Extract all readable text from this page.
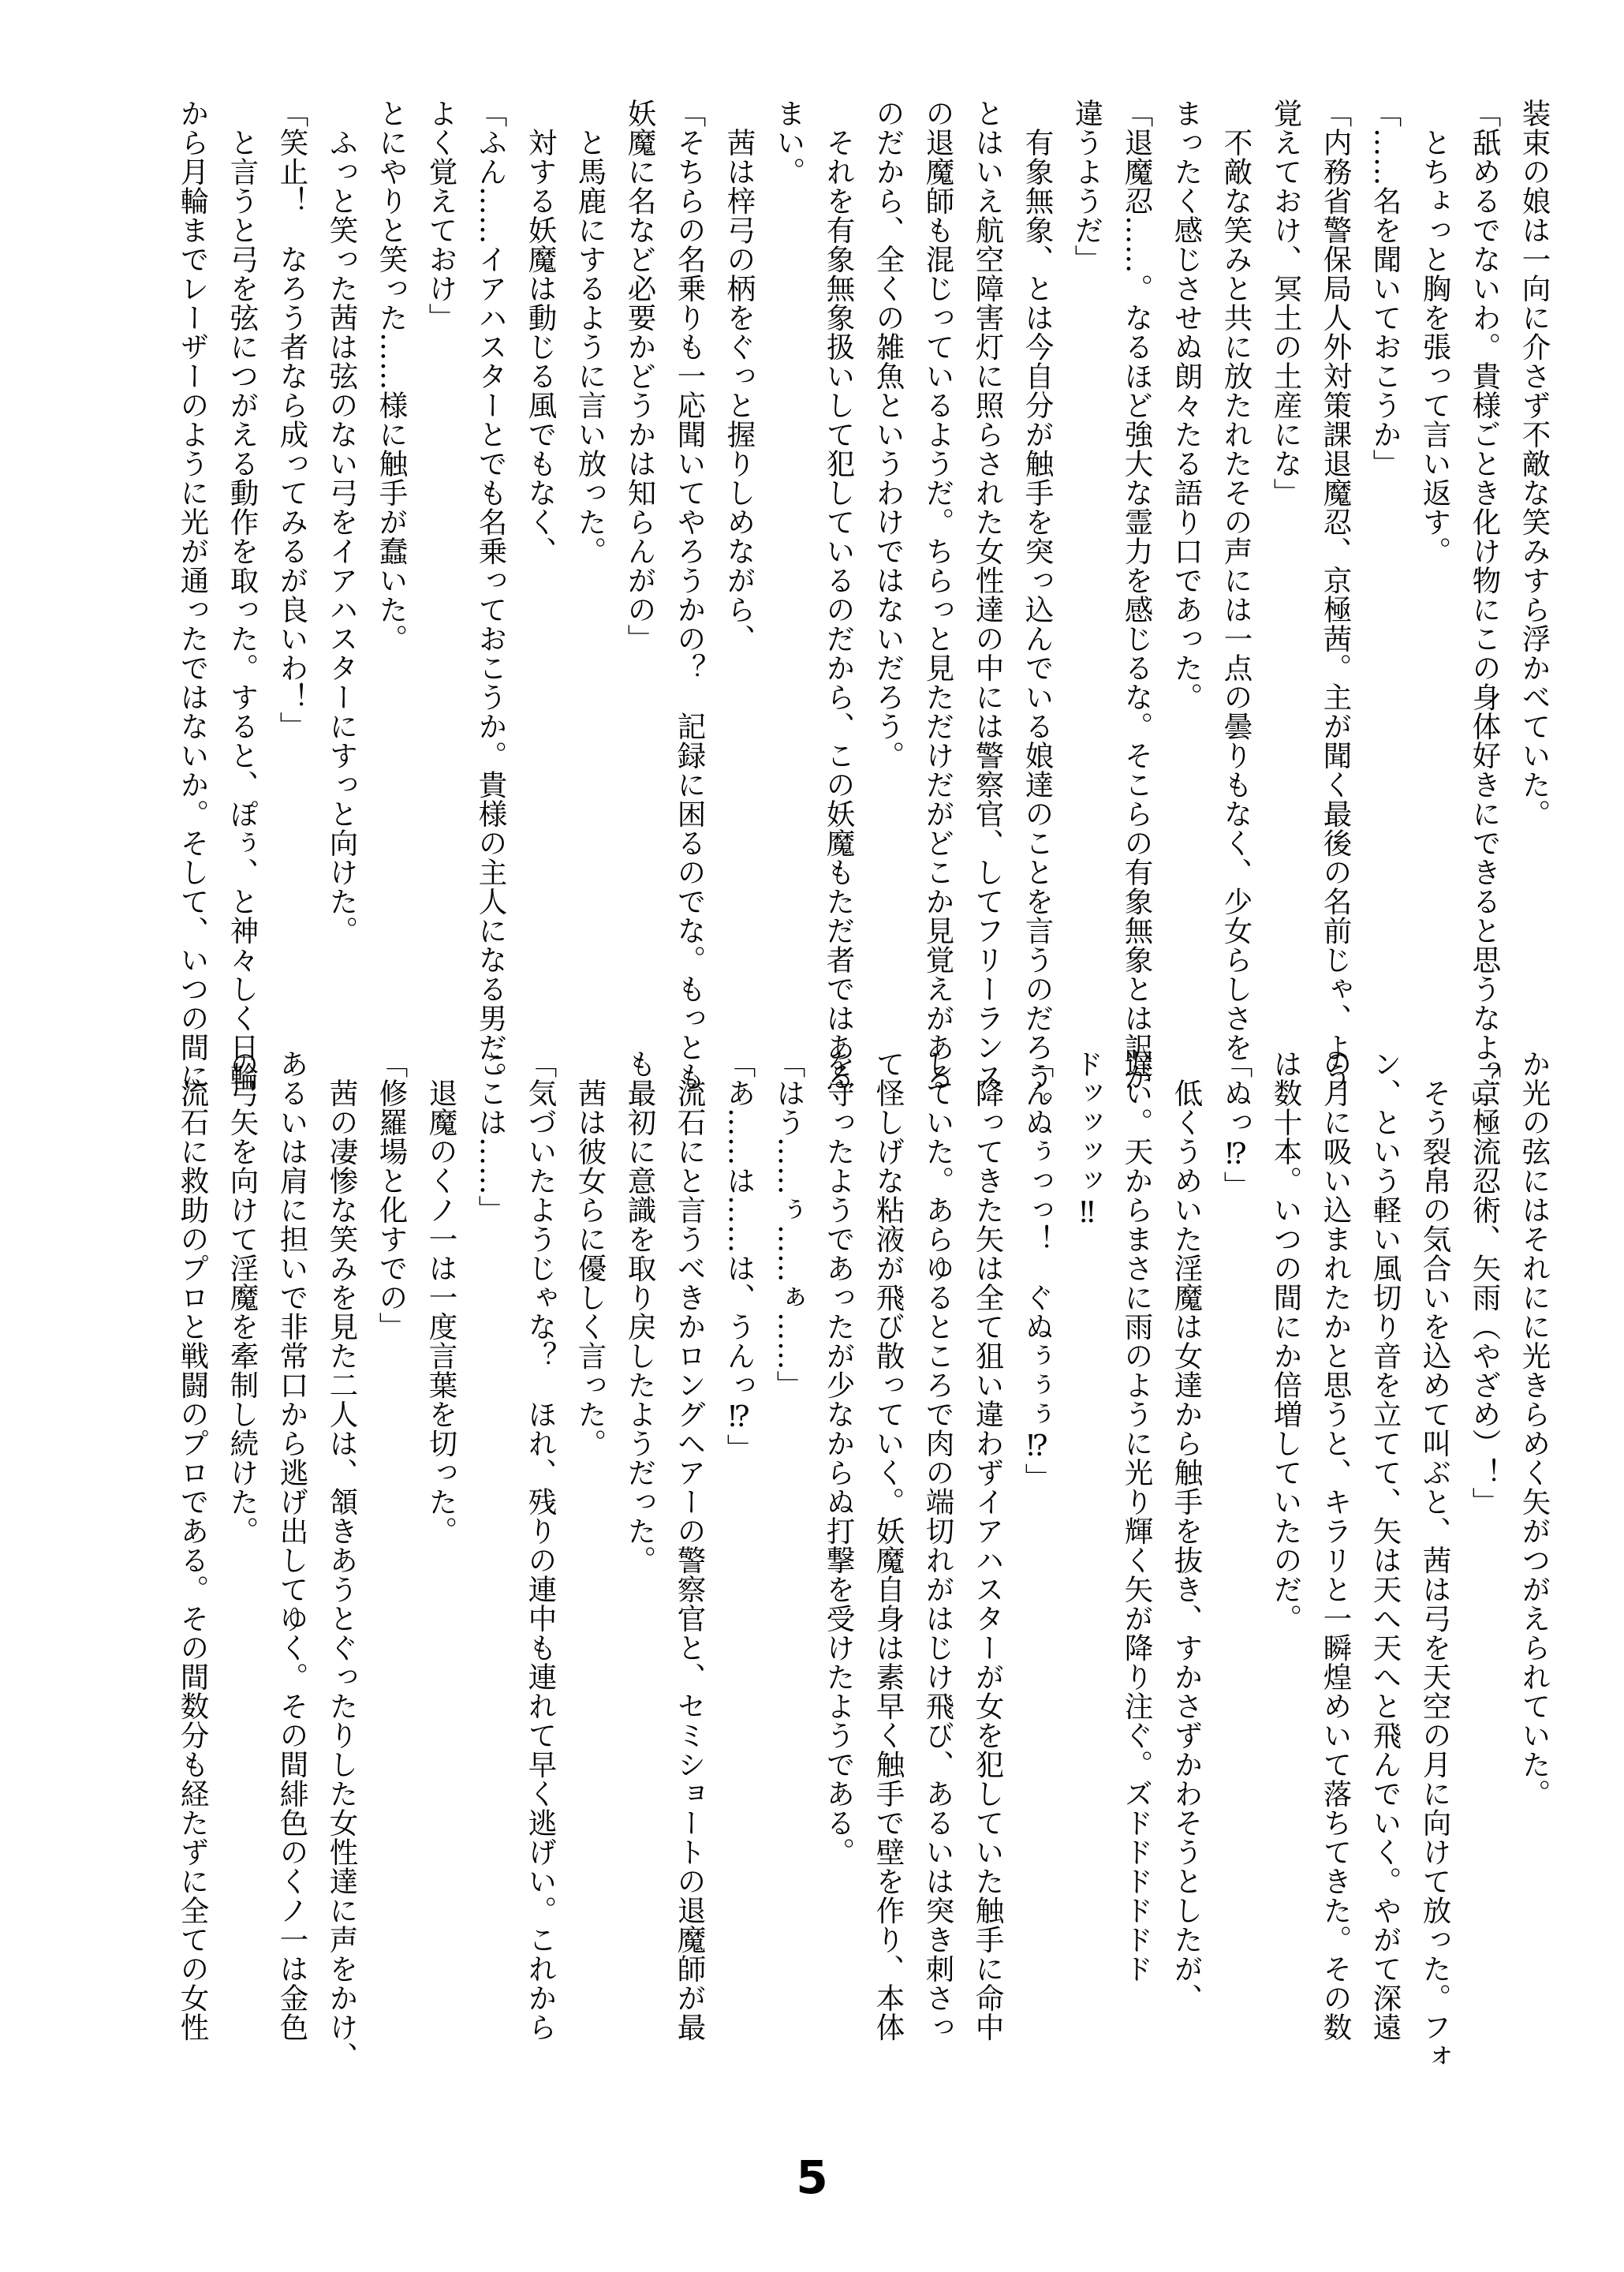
装束の娘は一向に介さず不敵な笑みすら浮かべていた。
「舐めるでないわ。貴様ごとき化け物にこの身体好きにできると思うなよ？」
　とちょっと胸を張って言い返す。
「……名を聞いておこうか」
「内務省警保局人外対策課退魔忍、京極茜。主が聞く最後の名前じゃ、よう
覚えておけ、冥土の土産にな」
　不敵な笑みと共に放たれたその声には一点の曇りもなく、少女らしさを
まったく感じさせぬ朗々たる語り口であった。
「退魔忍……。なるほど強大な霊力を感じるな。そこらの有象無象とは訳が
違うようだ」
　有象無象、とは今自分が触手を突っ込んでいる娘達のことを言うのだろう。
とはいえ航空障害灯に照らされた女性達の中には警察官、してフリーランス
の退魔師も混じっているようだ。ちらっと見ただけだがどこか見覚えがある
のだから、全くの雑魚というわけではないだろう。
　それを有象無象扱いして犯しているのだから、この妖魔もただ者ではある
まい。
　茜は梓弓の柄をぐっと握りしめながら、
「そちらの名乗りも一応聞いてやろうかの？　記録に困るのでな。もっとも
妖魔に名など必要かどうかは知らんがの」
　と馬鹿にするように言い放った。
　対する妖魔は動じる風でもなく、
「ふん……イアハスターとでも名乗っておこうか。貴様の主人になる男だ。
よく覚えておけ」
とにやりと笑った……様に触手が蠢いた。
　ふっと笑った茜は弦のない弓をイアハスターにすっと向けた。
「笑止！　なろう者なら成ってみるが良いわ！」
　と言うと弓を弦につがえる動作を取った。すると、ぽぅ、と神々しく日輪
から月輪までレーザーのように光が通ったではないか。そして、いつの間に
か光の弦にはそれにに光きらめく矢がつがえられていた。
「京極流忍術、矢雨（やざめ）！」
　そう裂帛の気合いを込めて叫ぶと、茜は弓を天空の月に向けて放った。フォ
ン、という軽い風切り音を立てて、矢は天へ天へと飛んでいく。やがて深遠
の月に吸い込まれたかと思うと、キラリと一瞬煌めいて落ちてきた。その数
は数十本。いつの間にか倍増していたのだ。
「ぬっ⁉」
　低くうめいた淫魔は女達から触手を抜き、すかさずかわそうとしたが、
遅い。天からまさに雨のように光り輝く矢が降り注ぐ。ズドドドドドド
ドッッッッ‼
「んぬぅっっ！　ぐぬぅぅぅ⁉」
　降ってきた矢は全て狙い違わずイアハスターが女を犯していた触手に命中
していた。あらゆるところで肉の端切れがはじけ飛び、あるいは突き刺さっ
て怪しげな粘液が飛び散っていく。妖魔自身は素早く触手で壁を作り、本体
を守ったようであったが少なからぬ打撃を受けたようである。
「はう……ぅ……ぁ……」
「あ……は……は、うんっ⁉」
　流石にと言うべきかロングヘアーの警察官と、セミショートの退魔師が最
も最初に意識を取り戻したようだった。
　茜は彼女らに優しく言った。
「気づいたようじゃな？　ほれ、残りの連中も連れて早く逃げい。これから
ここは……」
　退魔のくノ一は一度言葉を切った。
「修羅場と化すでの」
　茜の凄惨な笑みを見た二人は、頷きあうとぐったりした女性達に声をかけ、
あるいは肩に担いで非常口から逃げ出してゆく。その間緋色のくノ一は金色
の弓矢を向けて淫魔を牽制し続けた。
　流石に救助のプロと戦闘のプロである。その間数分も経たずに全ての女性
5
